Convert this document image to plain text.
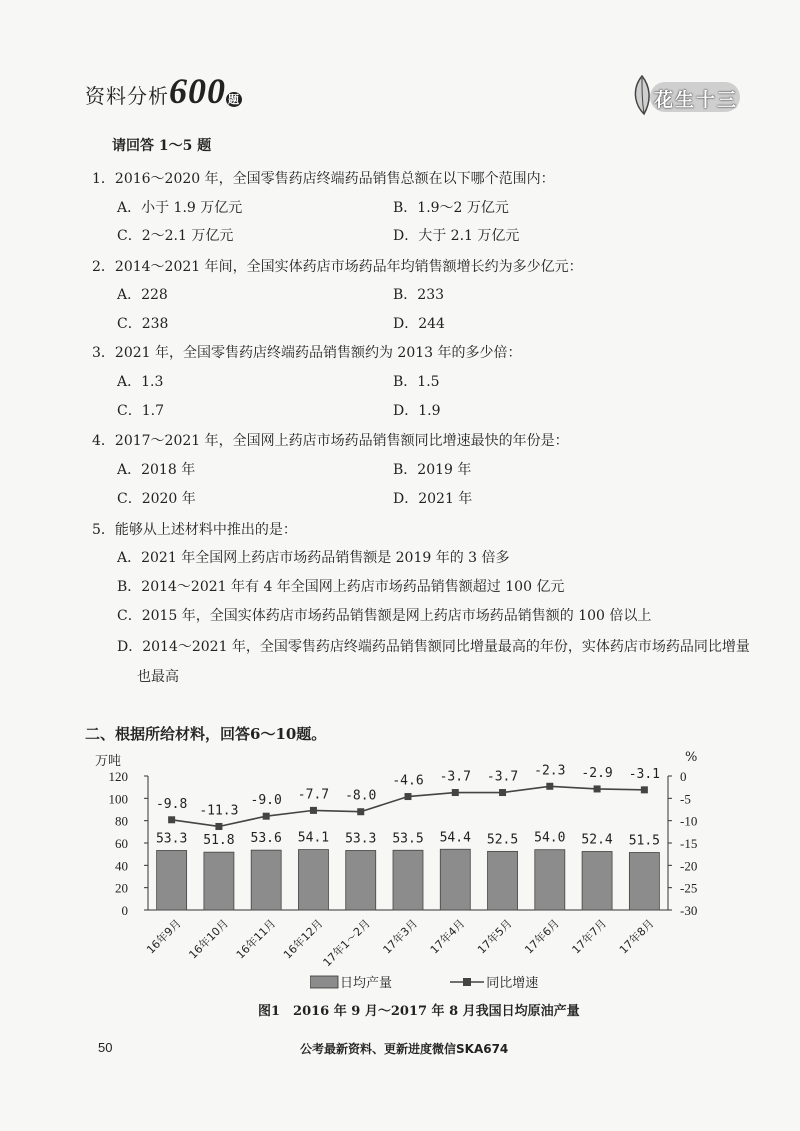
资料分析600 题	花生十三
请回答 1～5 题
1．2016～2020 年，全国零售药店终端药品销售总额在以下哪个范围内：
A．小于 1.9 万亿元	B．1.9～2 万亿元
C．2～2.1 万亿元	D．大于 2.1 万亿元
2．2014～2021 年间，全国实体药店市场药品年均销售额增长约为多少亿元：
A．228	B．233
C．238	D．244
3．2021 年，全国零售药店终端药品销售额约为 2013 年的多少倍：
A．1.3	B．1.5
C．1.7	D．1.9
4．2017～2021 年，全国网上药店市场药品销售额同比增速最快的年份是：
A．2018 年	B．2019 年
C．2020 年	D．2021 年
5．能够从上述材料中推出的是：
A．2021 年全国网上药店市场药品销售额是 2019 年的 3 倍多
B．2014～2021 年有 4 年全国网上药店市场药品销售额超过 100 亿元
C．2015 年，全国实体药店市场药品销售额是网上药店市场药品销售额的 100 倍以上
D．2014～2021 年，全国零售药店终端药品销售额同比增量最高的年份，实体药店市场药品同比增量
也最高
二、根据所给材料，回答6～10题。
万吨	%
0
20
40
60
80
100
120
-30
-25
-20
-15
-10
-5
0
53.3 51.8 53.6 54.1 53.3 53.5 54.4 52.5 54.0 52.4 51.5
-9.8 -11.3
-9.0 -7.7 -8.0
-4.6 -3.7 -3.7 -2.3 -2.9 -3.1
16年9月 16年10月 16年11月 16年12月
17年1～2月 17年3月 17年4月 17年5月 17年6月 17年7月 17年8月
日均产量	同比增速
图1　2016 年 9 月～2017 年 8 月我国日均原油产量
50	公考最新资料、更新进度微信SKA674
